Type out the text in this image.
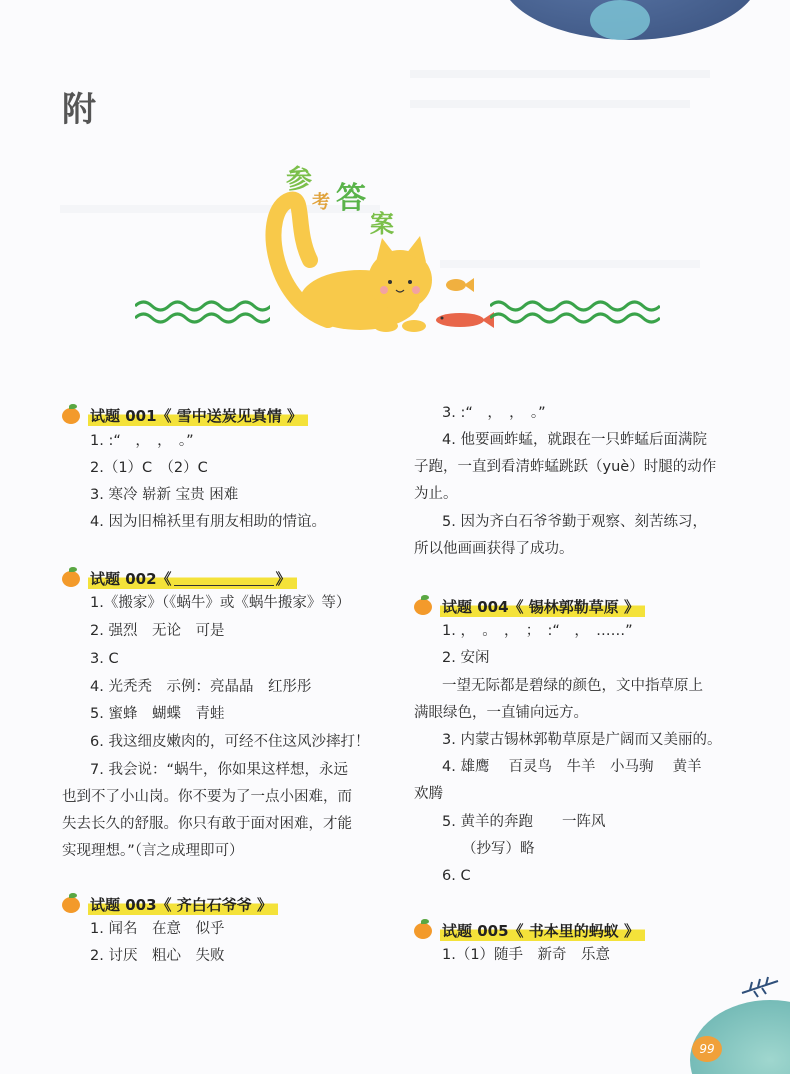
附
参
考 答
案
试题 001《 雪中送炭见真情 》
1. :“　，　，　。”
2.（1）C　（2）C
3. 寒冷 崭新 宝贵 困难
4. 因为旧棉袄里有朋友相助的情谊。
试题 002《	》
1.《搬家》（《蜗牛》或《蜗牛搬家》等）
2. 强烈　无论　可是
3. C
4. 光秃秃　示例：亮晶晶　红彤彤
5. 蜜蜂　蝴蝶　青蛙
6. 我这细皮嫩肉的，可经不住这风沙摔打！
7. 我会说：“蜗牛，你如果这样想，永远
也到不了小山岗。你不要为了一点小困难，而
失去长久的舒服。你只有敢于面对困难，才能
实现理想。”（言之成理即可）
试题 003《 齐白石爷爷 》
1. 闻名　在意　似乎
2. 讨厌　粗心　失败
3. :“　，　，　。”
4. 他要画蚱蜢，就跟在一只蚱蜢后面满院
子跑，一直到看清蚱蜢跳跃（yuè）时腿的动作
为止。
5. 因为齐白石爷爷勤于观察、刻苦练习，
所以他画画获得了成功。
试题 004《 锡林郭勒草原 》
1. ，　。　，　；　:“　，　……”
2. 安闲
一望无际都是碧绿的颜色，文中指草原上
满眼绿色，一直铺向远方。
3. 内蒙古锡林郭勒草原是广阔而又美丽的。
4. 雄鹰　 百灵鸟　牛羊　小马驹　 黄羊
欢腾
5. 黄羊的奔跑　　一阵风
（抄写）略
6. C
试题 005《 书本里的蚂蚁 》
1.（1）随手　新奇　乐意
99
